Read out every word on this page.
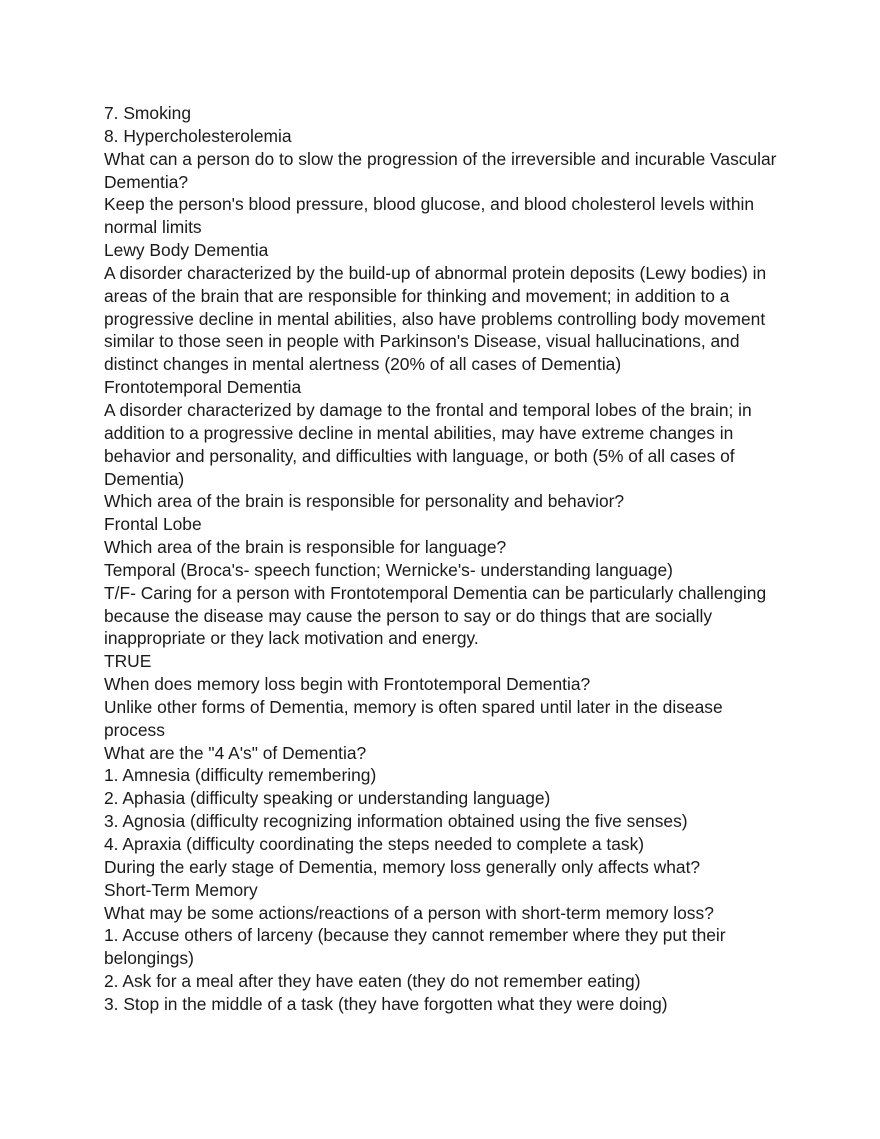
7. Smoking

8. Hypercholesterolemia

What can a person do to slow the progression of the irreversible and incurable Vascular Dementia?

Keep the person's blood pressure, blood glucose, and blood cholesterol levels within normal limits

Lewy Body Dementia

A disorder characterized by the build-up of abnormal protein deposits (Lewy bodies) in areas of the brain that are responsible for thinking and movement; in addition to a progressive decline in mental abilities, also have problems controlling body movement similar to those seen in people with Parkinson's Disease, visual hallucinations, and distinct changes in mental alertness (20% of all cases of Dementia)

Frontotemporal Dementia

A disorder characterized by damage to the frontal and temporal lobes of the brain; in addition to a progressive decline in mental abilities, may have extreme changes in behavior and personality, and difficulties with language, or both (5% of all cases of Dementia)

Which area of the brain is responsible for personality and behavior?

Frontal Lobe

Which area of the brain is responsible for language?

Temporal (Broca's- speech function; Wernicke's- understanding language)

T/F- Caring for a person with Frontotemporal Dementia can be particularly challenging because the disease may cause the person to say or do things that are socially inappropriate or they lack motivation and energy.

TRUE

When does memory loss begin with Frontotemporal Dementia?

Unlike other forms of Dementia, memory is often spared until later in the disease process

What are the "4 A's" of Dementia?

1. Amnesia (difficulty remembering)

2. Aphasia (difficulty speaking or understanding language)

3. Agnosia (difficulty recognizing information obtained using the five senses)

4. Apraxia (difficulty coordinating the steps needed to complete a task)

During the early stage of Dementia, memory loss generally only affects what?

Short-Term Memory

What may be some actions/reactions of a person with short-term memory loss?

1. Accuse others of larceny (because they cannot remember where they put their belongings)

2. Ask for a meal after they have eaten (they do not remember eating)

3. Stop in the middle of a task (they have forgotten what they were doing)
